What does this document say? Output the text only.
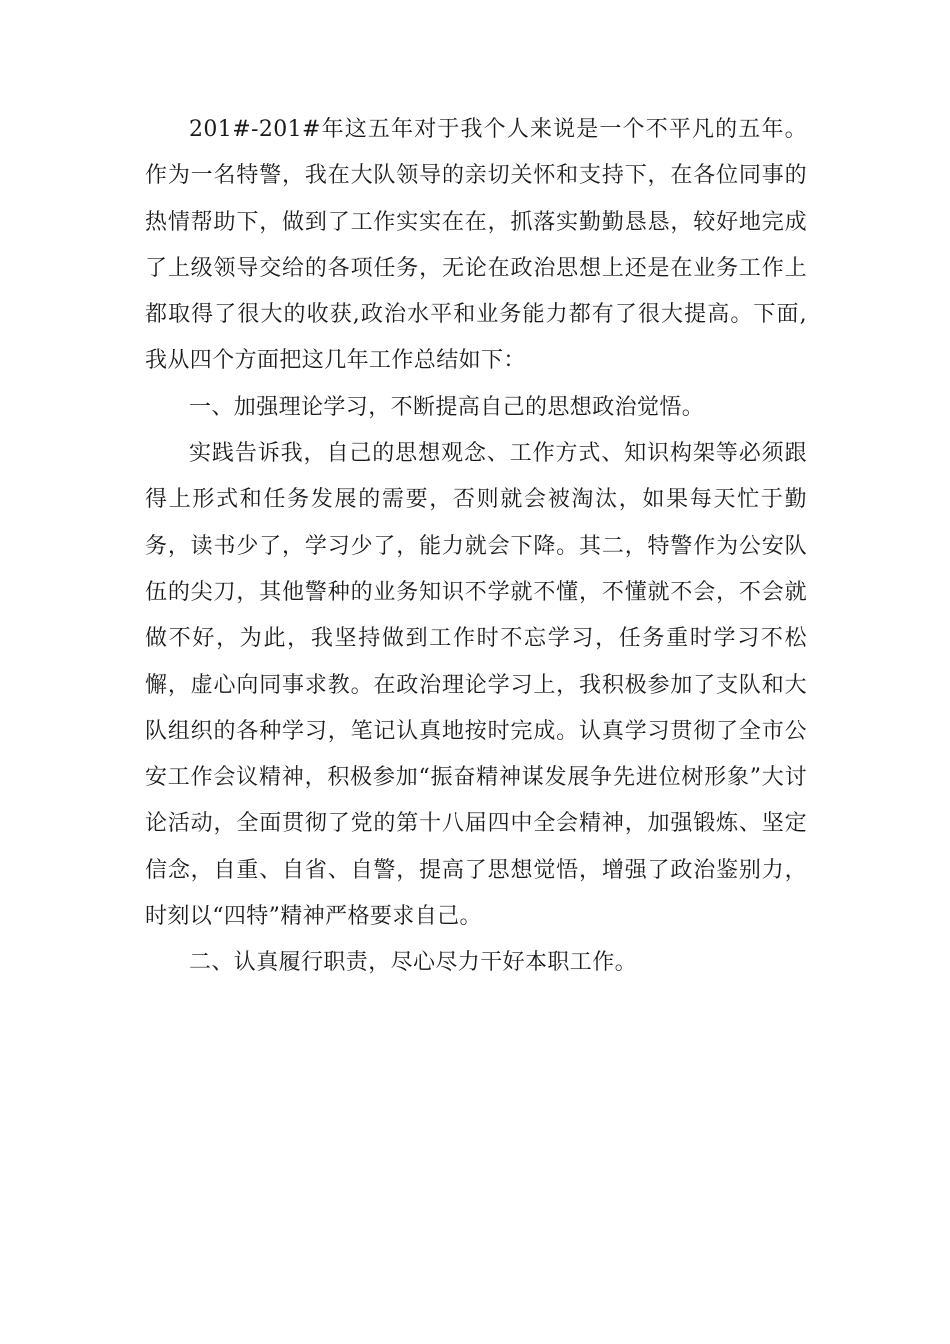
201#-201#年这五年对于我个人来说是一个不平凡的五年。作为一名特警，我在大队领导的亲切关怀和支持下，在各位同事的热情帮助下，做到了工作实实在在，抓落实勤勤恳恳，较好地完成了上级领导交给的各项任务，无论在政治思想上还是在业务工作上都取得了很大的收获,政治水平和业务能力都有了很大提高。下面,我从四个方面把这几年工作总结如下：

一、加强理论学习，不断提高自己的思想政治觉悟。

实践告诉我，自己的思想观念、工作方式、知识构架等必须跟得上形式和任务发展的需要，否则就会被淘汰，如果每天忙于勤务，读书少了，学习少了，能力就会下降。其二，特警作为公安队伍的尖刀，其他警种的业务知识不学就不懂，不懂就不会，不会就做不好，为此，我坚持做到工作时不忘学习，任务重时学习不松懈，虚心向同事求教。在政治理论学习上，我积极参加了支队和大队组织的各种学习，笔记认真地按时完成。认真学习贯彻了全市公安工作会议精神，积极参加“振奋精神谋发展争先进位树形象”大讨论活动，全面贯彻了党的第十八届四中全会精神，加强锻炼、坚定信念，自重、自省、自警，提高了思想觉悟，增强了政治鉴别力，时刻以“四特”精神严格要求自己。

二、认真履行职责，尽心尽力干好本职工作。
